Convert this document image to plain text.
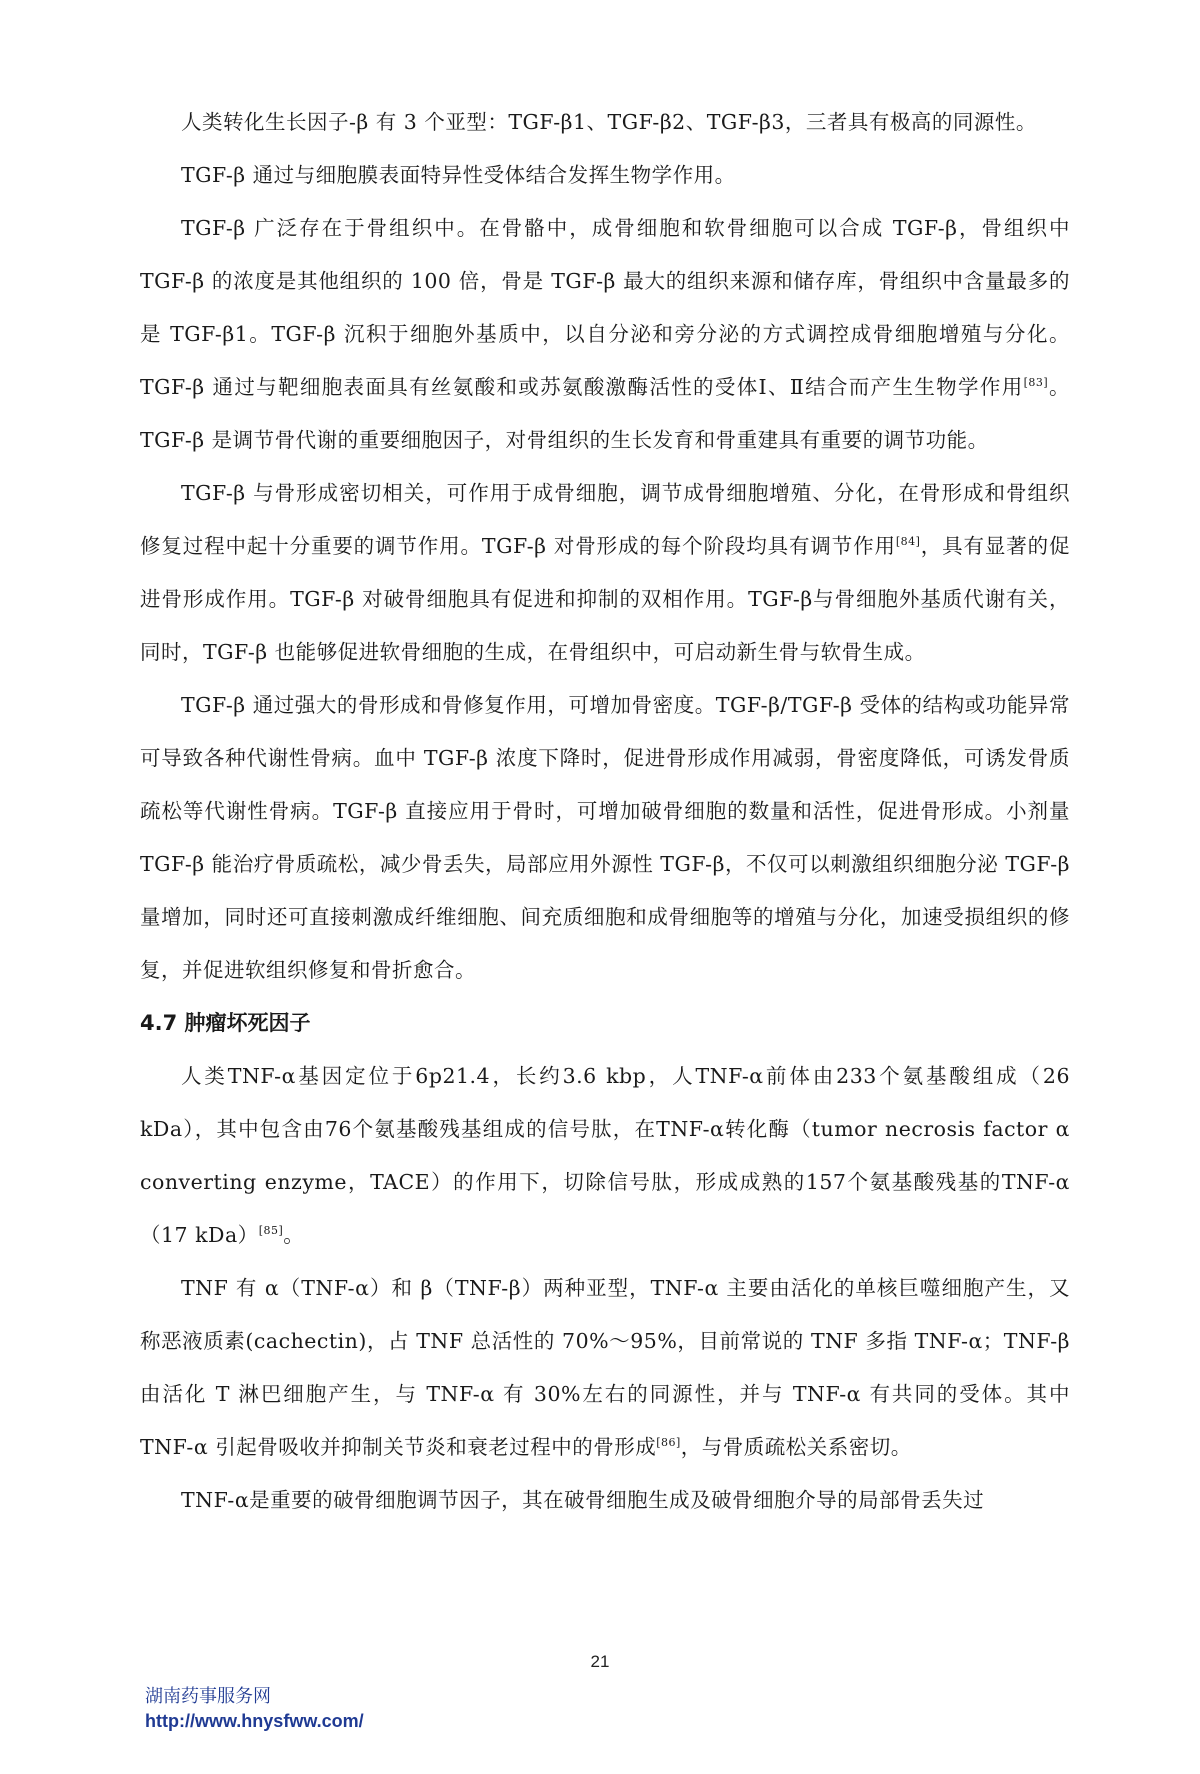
人类转化生长因子-β 有 3 个亚型：TGF-β1、TGF-β2、TGF-β3，三者具有极高的同源性。

TGF-β 通过与细胞膜表面特异性受体结合发挥生物学作用。

TGF-β 广泛存在于骨组织中。在骨骼中，成骨细胞和软骨细胞可以合成 TGF-β，骨组织中 TGF-β 的浓度是其他组织的 100 倍，骨是 TGF-β 最大的组织来源和储存库，骨组织中含量最多的是 TGF-β1。TGF-β 沉积于细胞外基质中，以自分泌和旁分泌的方式调控成骨细胞增殖与分化。TGF-β 通过与靶细胞表面具有丝氨酸和或苏氨酸激酶活性的受体Ⅰ、Ⅱ结合而产生生物学作用[83]。TGF-β 是调节骨代谢的重要细胞因子，对骨组织的生长发育和骨重建具有重要的调节功能。

TGF-β 与骨形成密切相关，可作用于成骨细胞，调节成骨细胞增殖、分化，在骨形成和骨组织修复过程中起十分重要的调节作用。TGF-β 对骨形成的每个阶段均具有调节作用[84]，具有显著的促进骨形成作用。TGF-β 对破骨细胞具有促进和抑制的双相作用。TGF-β与骨细胞外基质代谢有关，同时，TGF-β 也能够促进软骨细胞的生成，在骨组织中，可启动新生骨与软骨生成。

TGF-β 通过强大的骨形成和骨修复作用，可增加骨密度。TGF-β/TGF-β 受体的结构或功能异常可导致各种代谢性骨病。血中 TGF-β 浓度下降时，促进骨形成作用减弱，骨密度降低，可诱发骨质疏松等代谢性骨病。TGF-β 直接应用于骨时，可增加破骨细胞的数量和活性，促进骨形成。小剂量 TGF-β 能治疗骨质疏松，减少骨丢失，局部应用外源性 TGF-β，不仅可以刺激组织细胞分泌 TGF-β 量增加，同时还可直接刺激成纤维细胞、间充质细胞和成骨细胞等的增殖与分化，加速受损组织的修复，并促进软组织修复和骨折愈合。

4.7 肿瘤坏死因子

人类TNF-α基因定位于6p21.4，长约3.6 kbp，人TNF-α前体由233个氨基酸组成（26 kDa），其中包含由76个氨基酸残基组成的信号肽，在TNF-α转化酶（tumor necrosis factor α converting enzyme，TACE）的作用下，切除信号肽，形成成熟的157个氨基酸残基的TNF-α（17 kDa）[85]。

TNF 有 α（TNF-α）和 β（TNF-β）两种亚型，TNF-α 主要由活化的单核巨噬细胞产生，又称恶液质素(cachectin)，占 TNF 总活性的 70%～95%，目前常说的 TNF 多指 TNF-α；TNF-β 由活化 T 淋巴细胞产生，与 TNF-α 有 30%左右的同源性，并与 TNF-α 有共同的受体。其中 TNF-α 引起骨吸收并抑制关节炎和衰老过程中的骨形成[86]，与骨质疏松关系密切。

TNF-α是重要的破骨细胞调节因子，其在破骨细胞生成及破骨细胞介导的局部骨丢失过

21
湖南药事服务网
http://www.hnysfww.com/
